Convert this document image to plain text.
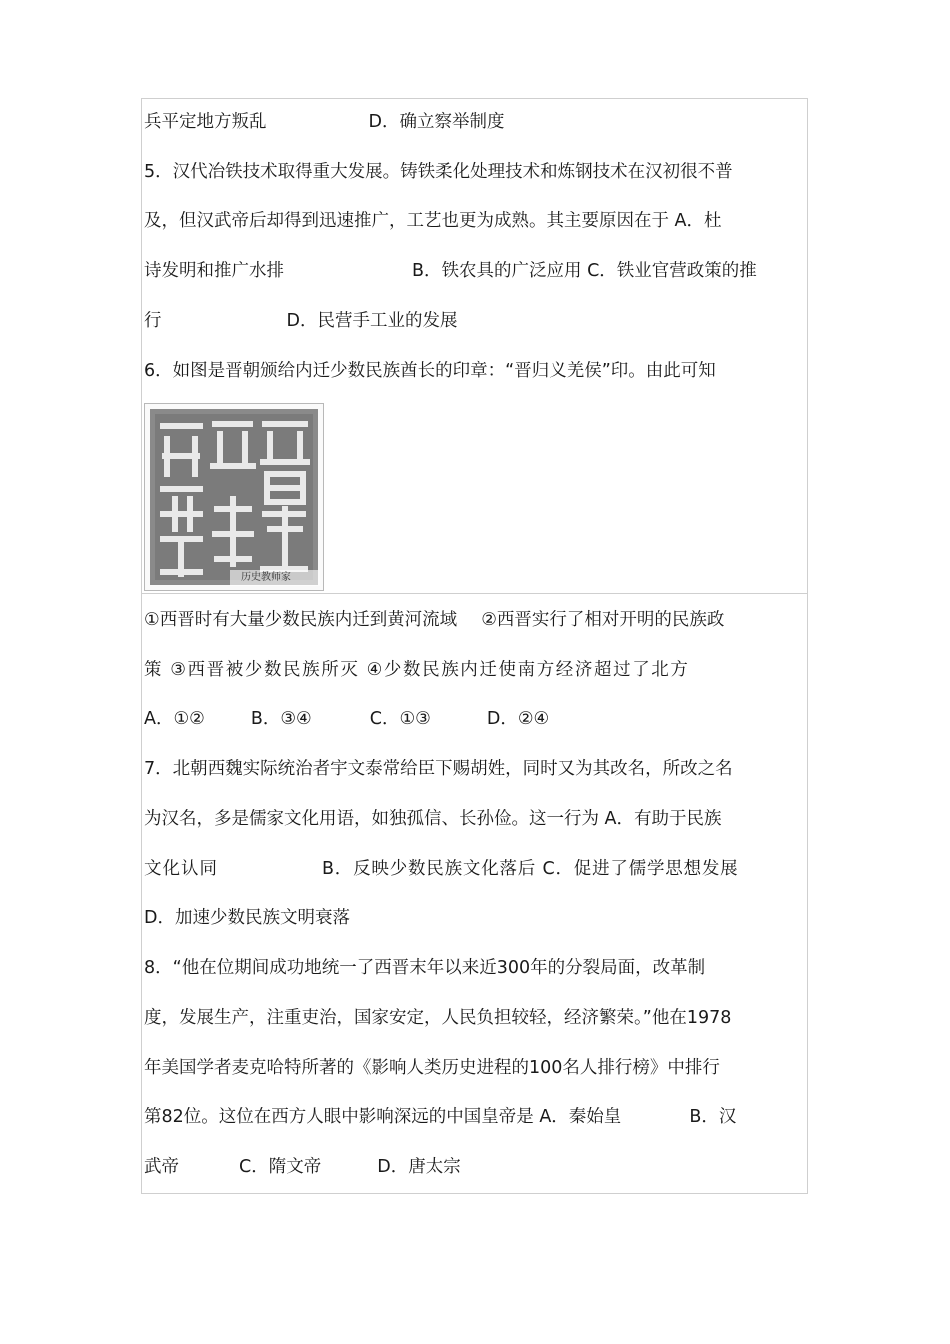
兵平定地方叛乱	D．确立察举制度
5．汉代冶铁技术取得重大发展。铸铁柔化处理技术和炼钢技术在汉初很不普
及，但汉武帝后却得到迅速推广，工艺也更为成熟。其主要原因在于 A．杜
诗发明和推广水排	B．铁农具的广泛应用 C．铁业官营政策的推
行	D．民营手工业的发展
6．如图是晋朝颁给内迁少数民族酋长的印章：“晋归义羌侯”印。由此可知
历史教师家
①西晋时有大量少数民族内迁到黄河流域 ②西晋实行了相对开明的民族政
策 ③西晋被少数民族所灭 ④少数民族内迁使南方经济超过了北方
A．①②	B．③④	C．①③	D．②④
7．北朝西魏实际统治者宇文泰常给臣下赐胡姓，同时又为其改名，所改之名
为汉名，多是儒家文化用语，如独孤信、长孙俭。这一行为 A．有助于民族
文化认同	B．反映少数民族文化落后 C．促进了儒学思想发展
D．加速少数民族文明衰落
8．“他在位期间成功地统一了西晋末年以来近300年的分裂局面，改革制
度，发展生产，注重吏治，国家安定，人民负担较轻，经济繁荣。”他在1978
年美国学者麦克哈特所著的《影响人类历史进程的100名人排行榜》中排行
第82位。这位在西方人眼中影响深远的中国皇帝是 A．秦始皇	B．汉
武帝	C．隋文帝	D．唐太宗
